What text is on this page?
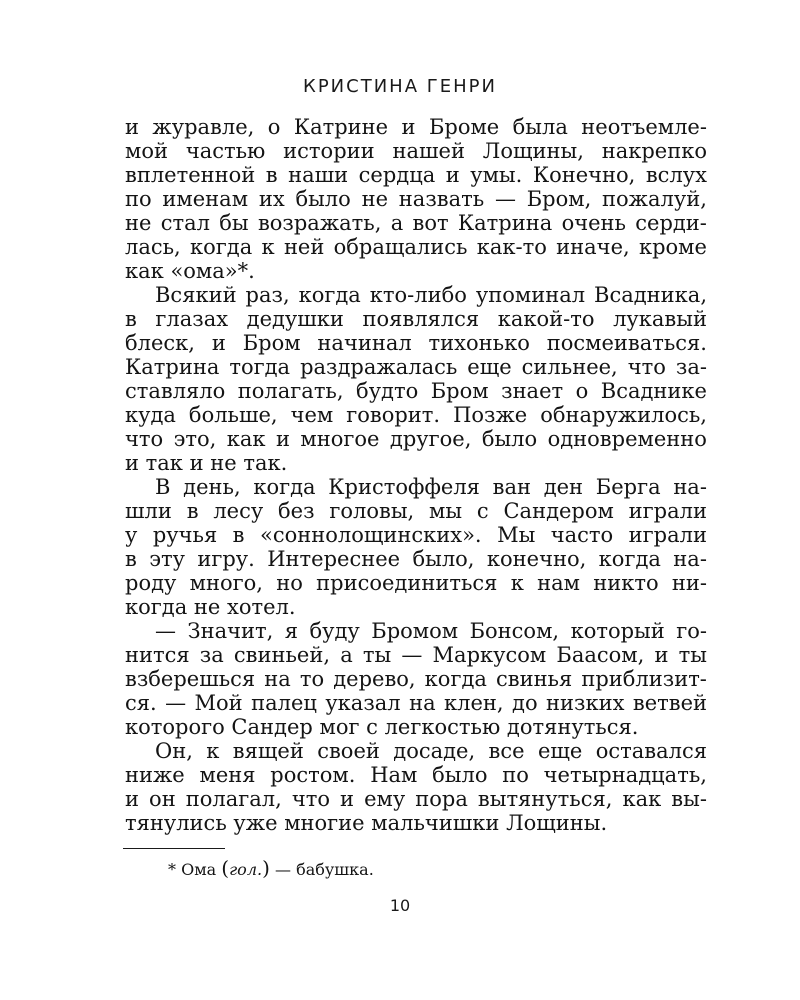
КРИСТИНА ГЕНРИ
и журавле, о Катрине и Броме была неотъемле-
мой частью истории нашей Лощины, накрепко
вплетенной в наши сердца и умы. Конечно, вслух
по именам их было не назвать — Бром, пожалуй,
не стал бы возражать, а вот Катрина очень серди-
лась, когда к ней обращались как-то иначе, кроме
как «ома»*.
Всякий раз, когда кто-либо упоминал Всадника,
в глазах дедушки появлялся какой-то лукавый
блеск, и Бром начинал тихонько посмеиваться.
Катрина тогда раздражалась еще сильнее, что за-
ставляло полагать, будто Бром знает о Всаднике
куда больше, чем говорит. Позже обнаружилось,
что это, как и многое другое, было одновременно
и так и не так.
В день, когда Кристоффеля ван ден Берга на-
шли в лесу без головы, мы с Сандером играли
у ручья в «соннолощинских». Мы часто играли
в эту игру. Интереснее было, конечно, когда на-
роду много, но присоединиться к нам никто ни-
когда не хотел.
— Значит, я буду Бромом Бонсом, который го-
нится за свиньей, а ты — Маркусом Баасом, и ты
взберешься на то дерево, когда свинья приблизит-
ся. — Мой палец указал на клен, до низких ветвей
которого Сандер мог с легкостью дотянуться.
Он, к вящей своей досаде, все еще оставался
ниже меня ростом. Нам было по четырнадцать,
и он полагал, что и ему пора вытянуться, как вы-
тянулись уже многие мальчишки Лощины.
* Ома (гол.) — бабушка.
10
